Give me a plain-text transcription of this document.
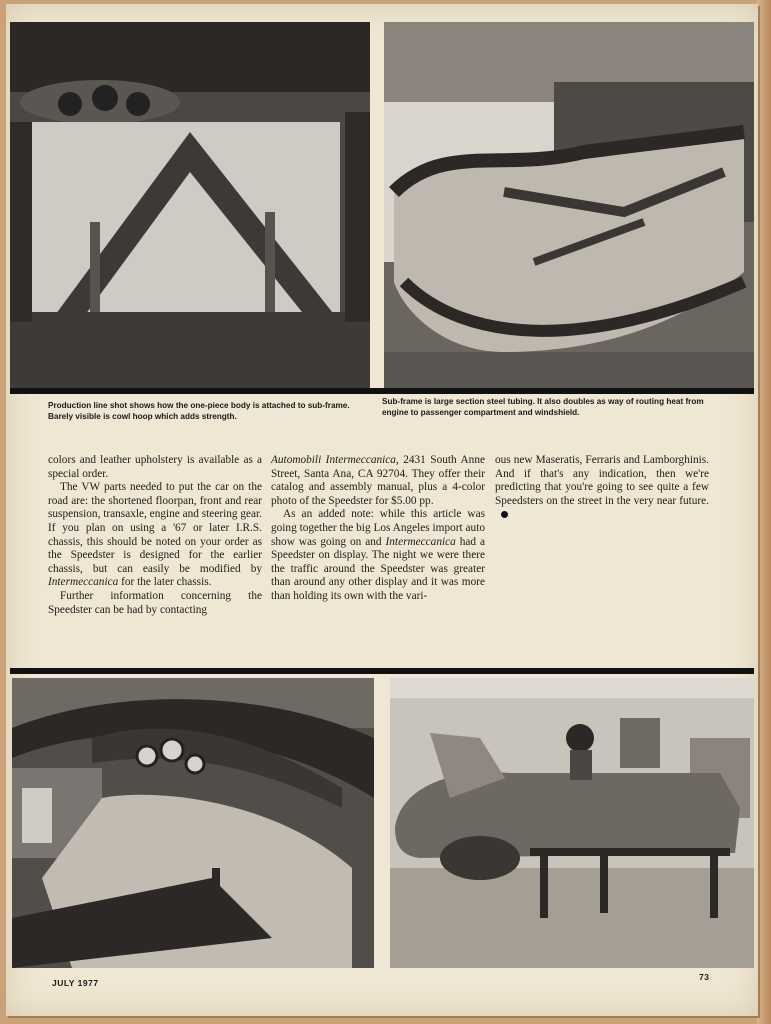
Production line shot shows how the one-piece body is attached to sub-frame. Barely visible is cowl hoop which adds strength.
Sub-frame is large section steel tubing. It also doubles as way of routing heat from engine to passenger compartment and windshield.

colors and leather upholstery is available as a special order.

The VW parts needed to put the car on the road are: the shortened floorpan, front and rear suspension, transaxle, engine and steering gear. If you plan on using a '67 or later I.R.S. chassis, this should be noted on your order as the Speedster is designed for the earlier chassis, but can easily be modified by Intermeccanica for the later chassis.

Further information concerning the Speedster can be had by contacting

Automobili Intermeccanica, 2431 South Anne Street, Santa Ana, CA 92704. They offer their catalog and assembly manual, plus a 4-color photo of the Speedster for $5.00 pp.

As an added note: while this article was going together the big Los Angeles import auto show was going on and Intermeccanica had a Speedster on display. The night we were there the traffic around the Speedster was greater than around any other display and it was more than holding its own with the vari-

ous new Maseratis, Ferraris and Lamborghinis. And if that's any indication, then we're predicting that you're going to see quite a few Speedsters on the street in the very near future.

JULY 1977
73
